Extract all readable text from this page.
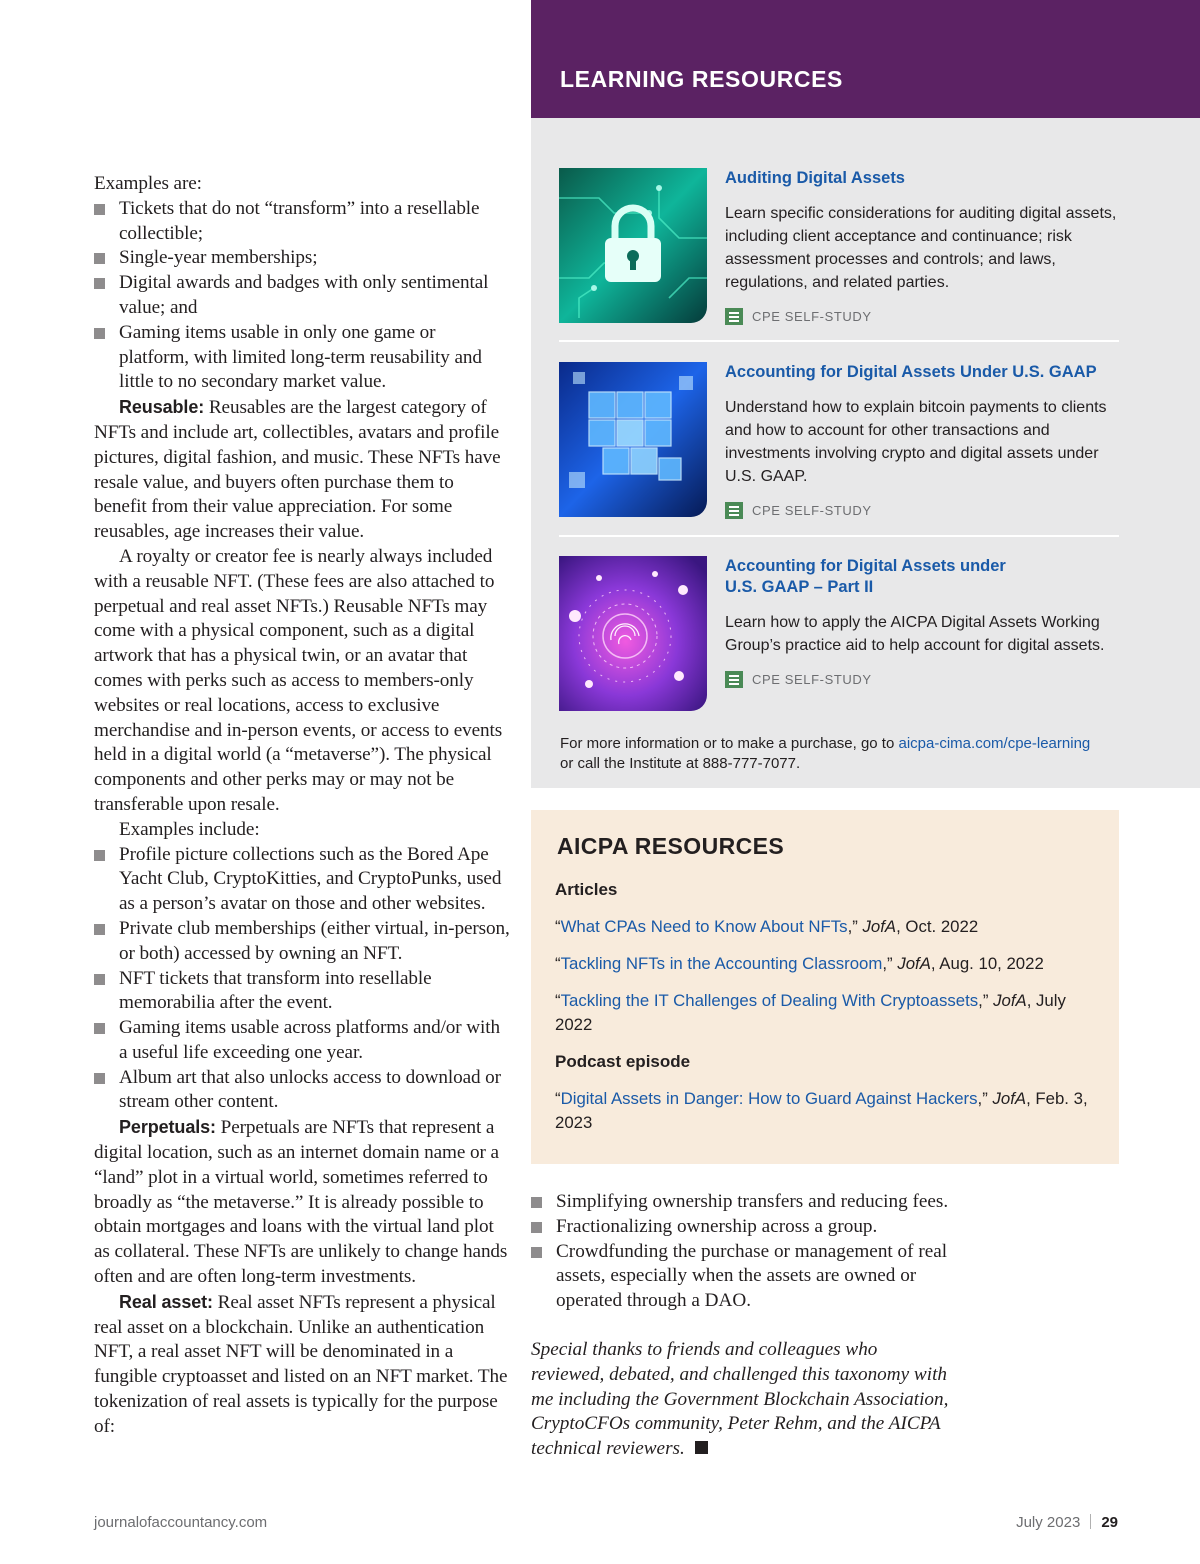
Examples are:

Tickets that do not “transform” into a resellable collectible;
Single-year memberships;
Digital awards and badges with only sentimental value; and
Gaming items usable in only one game or platform, with limited long-term reusability and little to no secondary market value.

Reusable: Reusables are the largest category of NFTs and include art, collectibles, avatars and profile pictures, digital fashion, and music. These NFTs have resale value, and buyers often purchase them to benefit from their value appreciation. For some reusables, age increases their value.

A royalty or creator fee is nearly always included with a reusable NFT. (These fees are also attached to perpetual and real asset NFTs.) Reusable NFTs may come with a physical component, such as a digital artwork that has a physical twin, or an avatar that comes with perks such as access to members-only websites or real locations, access to exclusive merchandise and in-person events, or access to events held in a digital world (a “metaverse”). The physical components and other perks may or may not be transferable upon resale.

Examples include:

Profile picture collections such as the Bored Ape Yacht Club, CryptoKitties, and CryptoPunks, used as a person’s avatar on those and other websites.
Private club memberships (either virtual, in-person, or both) accessed by owning an NFT.
NFT tickets that transform into resellable memorabilia after the event.
Gaming items usable across platforms and/or with a useful life exceeding one year.
Album art that also unlocks access to download or stream other content.

Perpetuals: Perpetuals are NFTs that represent a digital location, such as an internet domain name or a “land” plot in a virtual world, sometimes referred to broadly as “the metaverse.” It is already possible to obtain mortgages and loans with the virtual land plot as collateral. These NFTs are unlikely to change hands often and are often long-term investments.

Real asset: Real asset NFTs represent a physical real asset on a blockchain. Unlike an authentication NFT, a real asset NFT will be denominated in a fungible cryptoasset and listed on an NFT market. The tokenization of real assets is typically for the purpose of:

LEARNING RESOURCES

Auditing Digital Assets

Learn specific considerations for auditing digital assets, including client acceptance and continuance; risk assessment processes and controls; and laws, regulations, and related parties.

CPE SELF-STUDY

Accounting for Digital Assets Under U.S. GAAP

Understand how to explain bitcoin payments to clients and how to account for other transactions and investments involving crypto and digital assets under U.S. GAAP.

CPE SELF-STUDY

Accounting for Digital Assets under U.S. GAAP – Part II

Learn how to apply the AICPA Digital Assets Working Group’s practice aid to help account for digital assets.

CPE SELF-STUDY
For more information or to make a purchase, go to aicpa-cima.com/cpe-learning
or call the Institute at 888-777-7077.

AICPA RESOURCES

Articles

“What CPAs Need to Know About NFTs,” JofA, Oct. 2022

“Tackling NFTs in the Accounting Classroom,” JofA, Aug. 10, 2022

“Tackling the IT Challenges of Dealing With Cryptoassets,” JofA, July 2022

Podcast episode

“Digital Assets in Danger: How to Guard Against Hackers,” JofA, Feb. 3, 2023

Simplifying ownership transfers and reducing fees.
Fractionalizing ownership across a group.
Crowdfunding the purchase or management of real assets, especially when the assets are owned or operated through a DAO.

Special thanks to friends and colleagues who reviewed, debated, and challenged this taxonomy with me including the Government Blockchain Association, CryptoCFOs community, Peter Rehm, and the AICPA technical reviewers.

journalofaccountancy.com	July 2023 29
